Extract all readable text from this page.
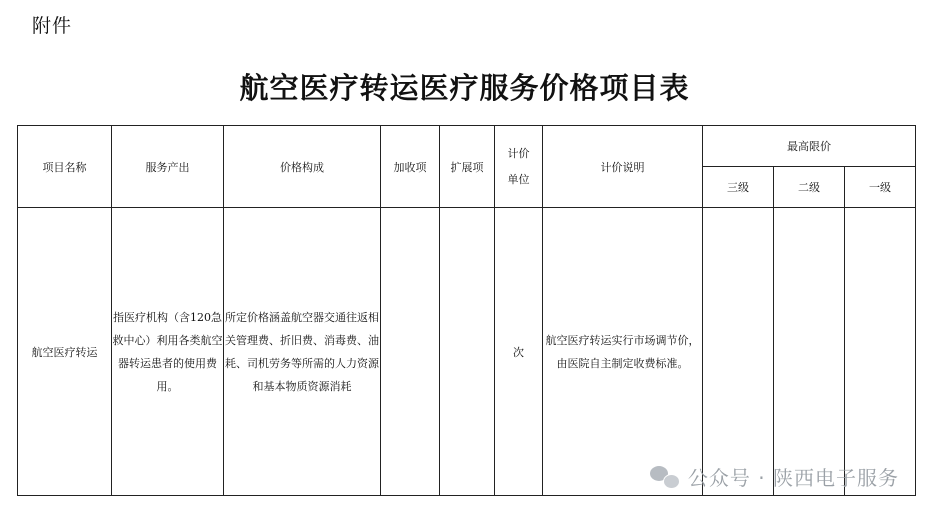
附件
航空医疗转运医疗服务价格项目表
项目名称	服务产出	价格构成	加收项	扩展项	计价单位	计价说明	最高限价		
							三级	二级	一级
航空医疗转运	指医疗机构（含120急救中心）利用各类航空器转运患者的使用费用。	所定价格涵盖航空器交通往返相关管理费、折旧费、消毒费、油耗、司机劳务等所需的人力资源和基本物质资源消耗			次	航空医疗转运实行市场调节价，由医院自主制定收费标准。			
公众号 · 陕西电子服务
